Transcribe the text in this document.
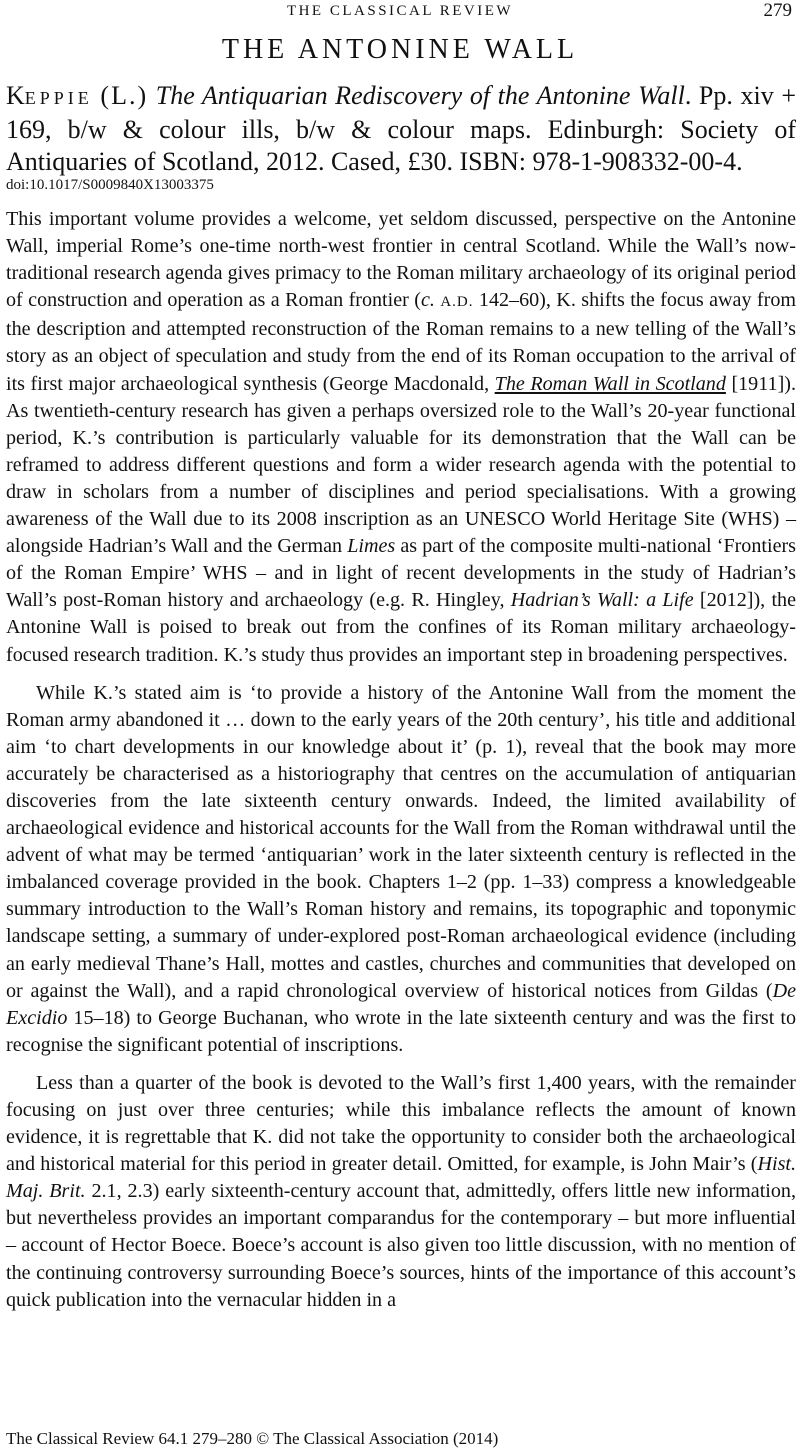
THE CLASSICAL REVIEW	279
THE ANTONINE WALL
KEPPIE (L.) The Antiquarian Rediscovery of the Antonine Wall. Pp. xiv + 169, b/w & colour ills, b/w & colour maps. Edinburgh: Society of Antiquaries of Scotland, 2012. Cased, £30. ISBN: 978-1-908332-00-4.
doi:10.1017/S0009840X13003375

This important volume provides a welcome, yet seldom discussed, perspective on the Antonine Wall, imperial Rome’s one-time north-west frontier in central Scotland. While the Wall’s now-traditional research agenda gives primacy to the Roman military archaeology of its original period of construction and operation as a Roman frontier (c. A.D. 142–60), K. shifts the focus away from the description and attempted reconstruction of the Roman remains to a new telling of the Wall’s story as an object of speculation and study from the end of its Roman occupation to the arrival of its first major archaeological synthesis (George Macdonald, The Roman Wall in Scotland [1911]). As twentieth-century research has given a perhaps oversized role to the Wall’s 20-year functional period, K.’s contribution is particularly valuable for its demonstration that the Wall can be reframed to address different questions and form a wider research agenda with the potential to draw in scholars from a number of disciplines and period specialisations. With a growing awareness of the Wall due to its 2008 inscription as an UNESCO World Heritage Site (WHS) – alongside Hadrian’s Wall and the German Limes as part of the composite multi-national ‘Frontiers of the Roman Empire’ WHS – and in light of recent developments in the study of Hadrian’s Wall’s post-Roman history and archaeology (e.g. R. Hingley, Hadrian’s Wall: a Life [2012]), the Antonine Wall is poised to break out from the confines of its Roman military archaeology-focused research tradition. K.’s study thus provides an important step in broadening perspectives.

While K.’s stated aim is ‘to provide a history of the Antonine Wall from the moment the Roman army abandoned it … down to the early years of the 20th century’, his title and additional aim ‘to chart developments in our knowledge about it’ (p. 1), reveal that the book may more accurately be characterised as a historiography that centres on the accumulation of antiquarian discoveries from the late sixteenth century onwards. Indeed, the limited availability of archaeological evidence and historical accounts for the Wall from the Roman withdrawal until the advent of what may be termed ‘antiquarian’ work in the later sixteenth century is reflected in the imbalanced coverage provided in the book. Chapters 1–2 (pp. 1–33) compress a knowledgeable summary introduction to the Wall’s Roman history and remains, its topographic and toponymic landscape setting, a summary of under-explored post-Roman archaeological evidence (including an early medieval Thane’s Hall, mottes and castles, churches and communities that developed on or against the Wall), and a rapid chronological overview of historical notices from Gildas (De Excidio 15–18) to George Buchanan, who wrote in the late sixteenth century and was the first to recognise the significant potential of inscriptions.

Less than a quarter of the book is devoted to the Wall’s first 1,400 years, with the remainder focusing on just over three centuries; while this imbalance reflects the amount of known evidence, it is regrettable that K. did not take the opportunity to consider both the archaeological and historical material for this period in greater detail. Omitted, for example, is John Mair’s (Hist. Maj. Brit. 2.1, 2.3) early sixteenth-century account that, admittedly, offers little new information, but nevertheless provides an important comparandus for the contemporary – but more influential – account of Hector Boece. Boece’s account is also given too little discussion, with no mention of the continuing controversy surrounding Boece’s sources, hints of the importance of this account’s quick publication into the vernacular hidden in a

The Classical Review 64.1 279–280 © The Classical Association (2014)
